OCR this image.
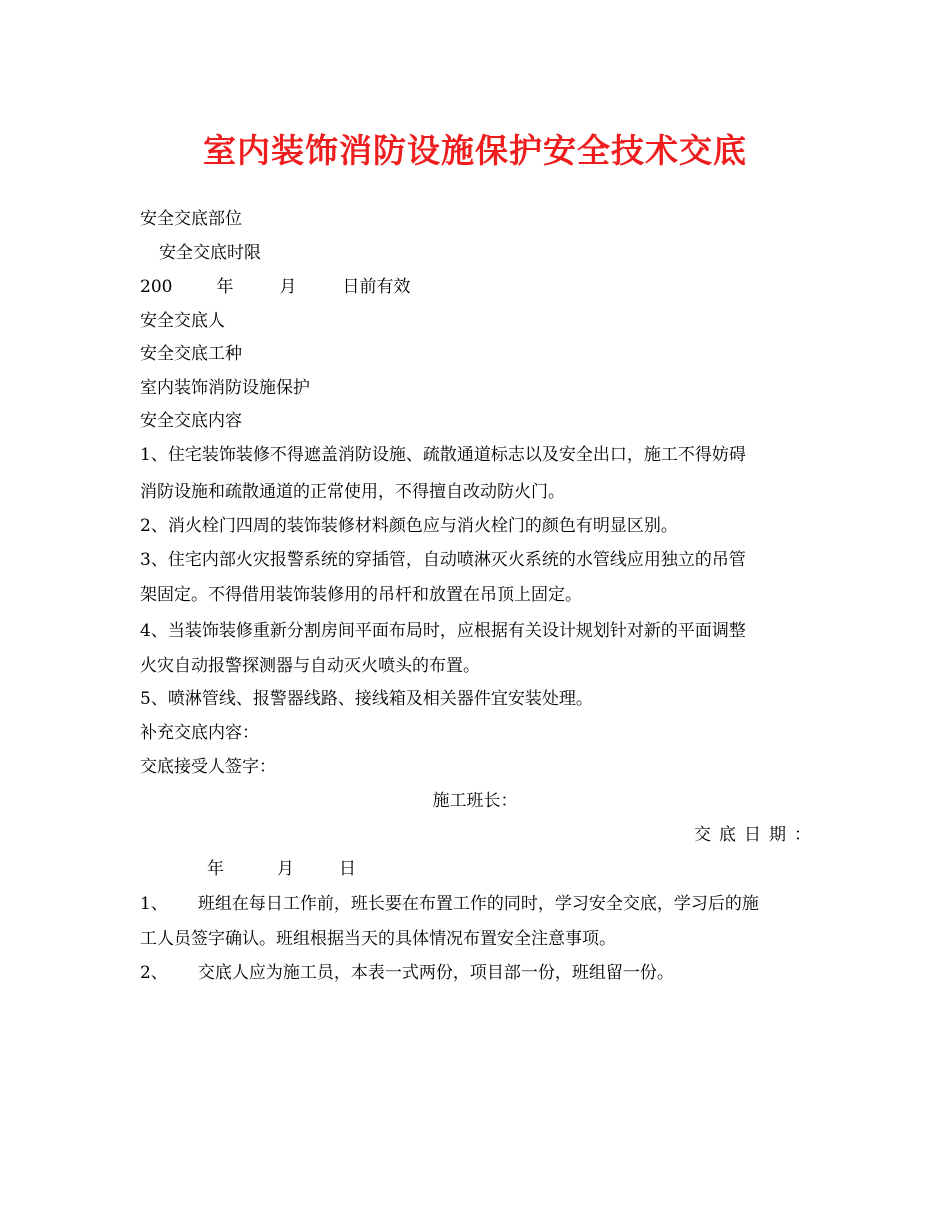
室内装饰消防设施保护安全技术交底
安全交底部位
安全交底时限
200	年	月	日前有效
安全交底人
安全交底工种
室内装饰消防设施保护
安全交底内容
1、住宅装饰装修不得遮盖消防设施、疏散通道标志以及安全出口，施工不得妨碍
消防设施和疏散通道的正常使用，不得擅自改动防火门。
2、消火栓门四周的装饰装修材料颜色应与消火栓门的颜色有明显区别。
3、住宅内部火灾报警系统的穿插管，自动喷淋灭火系统的水管线应用独立的吊管
架固定。不得借用装饰装修用的吊杆和放置在吊顶上固定。
4、当装饰装修重新分割房间平面布局时，应根据有关设计规划针对新的平面调整
火灾自动报警探测器与自动灭火喷头的布置。
5、喷淋管线、报警器线路、接线箱及相关器件宜安装处理。
补充交底内容：
交底接受人签字：
施工班长：
交底日期：
年	月	日
1、 班组在每日工作前，班长要在布置工作的同时，学习安全交底，学习后的施
工人员签字确认。班组根据当天的具体情况布置安全注意事项。
2、 交底人应为施工员，本表一式两份，项目部一份，班组留一份。
